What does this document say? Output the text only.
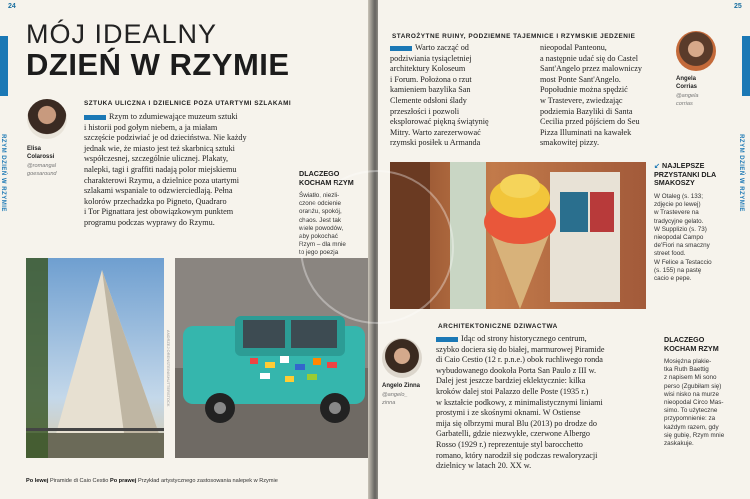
24
RZYM DZIEŃ W RZYMIE
MÓJ IDEALNY
DZIEŃ W RZYMIE
SZTUKA ULICZNA I DZIELNICE POZA UTARTYMI SZLAKAMI
Elisa
Colarossi
@romangal
goesaround
Rzym to zdumiewające muzeum sztuki
i historii pod gołym niebem, a ja miałam
szczęście podziwiać je od dzieciństwa. Nie każdy
jednak wie, że miasto jest też skarbnicą sztuki
współczesnej, szczególnie ulicznej. Plakaty,
nalepki, tagi i graffiti nadają polor miejskiemu
charakterowi Rzymu, a dzielnice poza utartymi
szlakami wspaniale to odzwierciedlają. Pełna
kolorów przechadzka po Pigneto, Quadraro
i Tor Pignattara jest obowiązkowym punktem
programu podczas wyprawy do Rzymu.
DLACZEGO
KOCHAM RZYM
Światło, niezli-
czone odcienie
oranżu, spokój,
chaos. Jest tak
wiele powodów,
aby pokochać
Rzym – dla mnie
to jego poezja
ANDRZEJ ORENSTEIN/SHUTTERSTOCK
Po lewej Piramide di Caio Cestio Po prawej Przykład artystycznego zastosowania nalepek w Rzymie
25
RZYM DZIEŃ W RZYMIE
STAROŻYTNE RUINY, PODZIEMNE TAJEMNICE I RZYMSKIE JEDZENIE
Warto zacząć od
podziwiania tysiącletniej
architektury Koloseum
i Forum. Położona o rzut
kamieniem bazylika San
Clemente odsłoni ślady
przeszłości i pozwoli
eksplorować piękną świątynię
Mitry. Warto zarezerwować
rzymski posiłek u Armanda
nieopodal Panteonu,
a następnie udać się do Castel
Sant'Angelo przez malowniczy
most Ponte Sant'Angelo.
Popołudnie można spędzić
w Trastevere, zwiedzając
podziemia Bazyliki di Santa
Cecilia przed pójściem do Seu
Pizza Illuminati na kawałek
smakowitej pizzy.
Angela
Corrias
@angela
corrias
↙ NAJLEPSZE
PRZYSTANKI DLA
SMAKOSZY
W Otaleg (s. 133;
zdjęcie po lewej)
w Trastevere na
tradycyjne gelato.
W Supplizio (s. 73)
nieopodal Campo
de'Fiori na smaczny
street food.
W Felice a Testaccio
(s. 155) na pastę
cacio e pepe.
ARCHITEKTONICZNE DZIWACTWA
Angelo Zinna
@angelo_
zinna
Idąc od strony historycznego centrum,
szybko dociera się do białej, marmurowej Piramide
di Caio Cestio (12 r. p.n.e.) obok ruchliwego ronda
wybudowanego dookoła Porta San Paulo z III w.
Dalej jest jeszcze bardziej eklektycznie: kilka
kroków dalej stoi Palazzo delle Poste (1935 r.)
w kształcie podkowy, z minimalistycznymi liniami
prostymi i ze skośnymi oknami. W Ostiense
mija się olbrzymi mural Blu (2013) po drodze do
Garbatelli, gdzie niezwykłe, czerwone Albergo
Rosso (1929 r.) reprezentuje styl barocchetto
romano, który narodził się podczas rewaloryzacji
dzielnicy w latach 20. XX w.
DLACZEGO
KOCHAM RZYM
Mosiężna plakie-
tka Ruth Baettig
z napisem Mi sono
perso (Zgubiłam się)
wisi nisko na murze
nieopodal Circo Mas-
simo. To użyteczne
przypomnienie: za
każdym razem, gdy
się gubię, Rzym mnie
zaskakuje.
